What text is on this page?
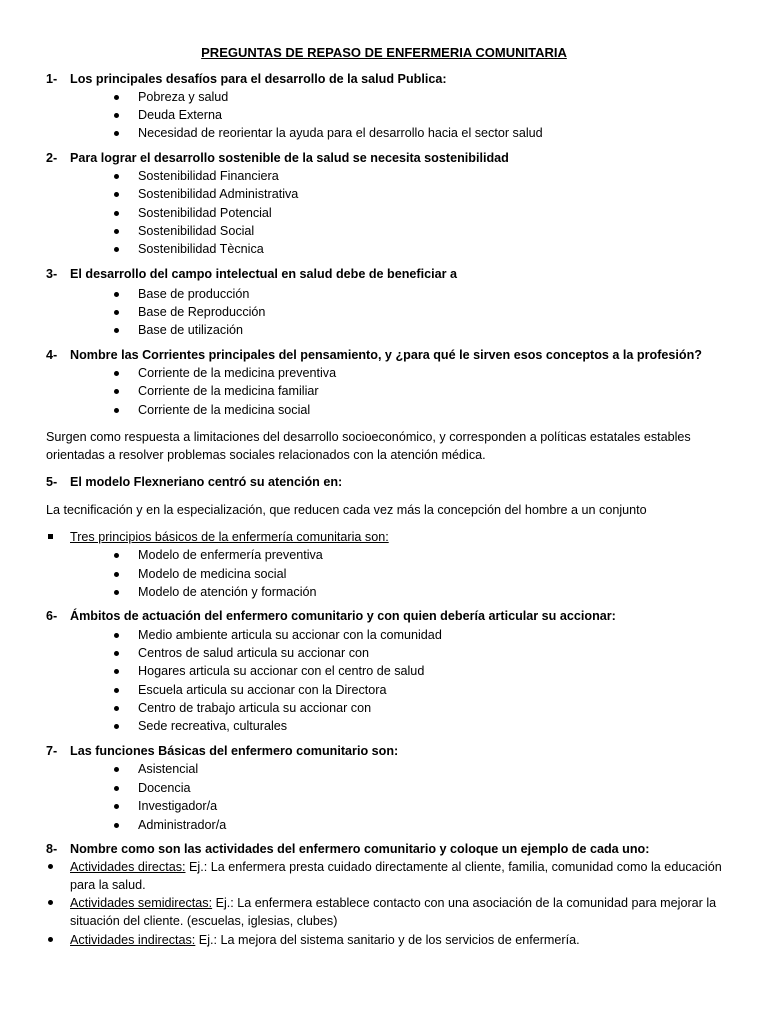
PREGUNTAS DE REPASO DE ENFERMERIA COMUNITARIA
1- Los principales desafíos para el desarrollo de la salud Publica:
Pobreza y salud
Deuda Externa
Necesidad de reorientar la ayuda para el desarrollo hacia el sector salud
2- Para lograr el desarrollo sostenible de la salud se necesita sostenibilidad
Sostenibilidad Financiera
Sostenibilidad Administrativa
Sostenibilidad Potencial
Sostenibilidad Social
Sostenibilidad Tècnica
3- El desarrollo del campo intelectual en salud debe de beneficiar a
Base de producción
Base de Reproducción
Base de utilización
4- Nombre las Corrientes principales del pensamiento, y ¿para qué le sirven esos conceptos a la profesión?
Corriente de la medicina preventiva
Corriente de la medicina familiar
Corriente de la medicina social
Surgen como respuesta a limitaciones del desarrollo socioeconómico, y corresponden a políticas estatales estables orientadas a resolver problemas sociales relacionados con la atención médica.
5- El modelo Flexneriano centró su atención en:
La tecnificación y en la especialización, que reducen cada vez más la concepción del hombre a un conjunto
Tres principios básicos de la enfermería comunitaria son:
Modelo de enfermería preventiva
Modelo de medicina social
Modelo de atención y formación
6- Ámbitos de actuación del enfermero comunitario y con quien debería articular su accionar:
Medio ambiente articula su accionar con la comunidad
Centros de salud articula su accionar con
Hogares articula su accionar con el centro de salud
Escuela articula su accionar con la Directora
Centro de trabajo articula su accionar con
Sede recreativa, culturales
7- Las funciones Básicas del enfermero comunitario son:
Asistencial
Docencia
Investigador/a
Administrador/a
8- Nombre como son las actividades del enfermero comunitario y coloque un ejemplo de cada uno:
Actividades directas: Ej.: La enfermera presta cuidado directamente al cliente, familia, comunidad como la educación para la salud.
Actividades semidirectas: Ej.: La enfermera establece contacto con una asociación de la comunidad para mejorar la situación del cliente. (escuelas, iglesias, clubes)
Actividades indirectas: Ej.: La mejora del sistema sanitario y de los servicios de enfermería.
